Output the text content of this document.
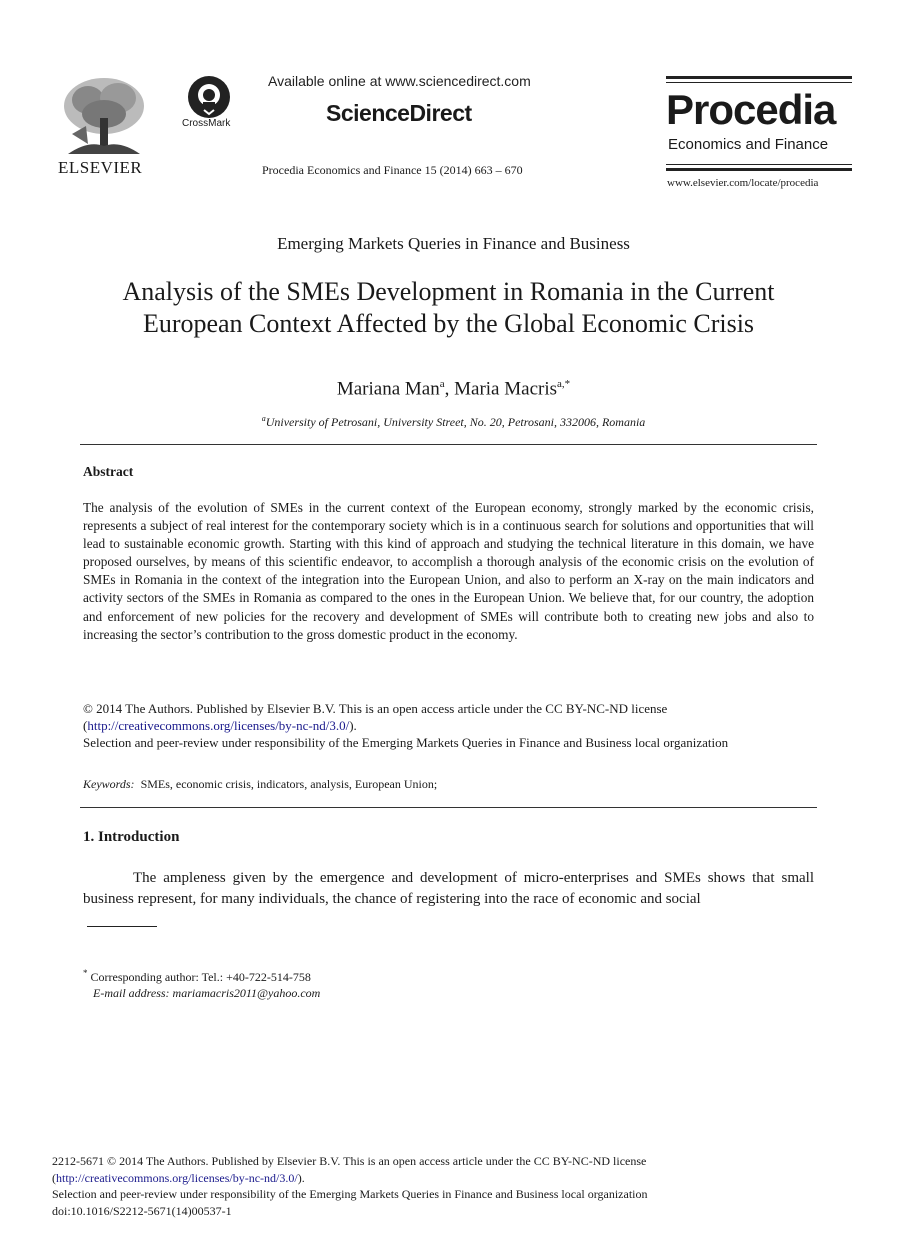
ELSEVIER
CrossMark
Available online at www.sciencedirect.com
ScienceDirect
Procedia Economics and Finance 15 (2014) 663 – 670
Procedia
Economics and Finance
www.elsevier.com/locate/procedia
Emerging Markets Queries in Finance and Business
Analysis of the SMEs Development in Romania in the Current
European Context Affected by the Global Economic Crisis
Mariana Man$^a$, Maria Macris$^{a,*}$
$^a$University of Petrosani, University Street, No. 20, Petrosani, 332006, Romania
Abstract
The analysis of the evolution of SMEs in the current context of the European economy, strongly marked by the economic crisis, represents a subject of real interest for the contemporary society which is in a continuous search for solutions and opportunities that will lead to sustainable economic growth. Starting with this kind of approach and studying the technical literature in this domain, we have proposed ourselves, by means of this scientific endeavor, to accomplish a thorough analysis of the economic crisis on the evolution of SMEs in Romania in the context of the integration into the European Union, and also to perform an X-ray on the main indicators and activity sectors of the SMEs in Romania as compared to the ones in the European Union. We believe that, for our country, the adoption and enforcement of new policies for the recovery and development of SMEs will contribute both to creating new jobs and also to increasing the sector’s contribution to the gross domestic product in the economy.
© 2014 The Authors. Published by Elsevier B.V. This is an open access article under the CC BY-NC-ND license
(http://creativecommons.org/licenses/by-nc-nd/3.0/).
Selection and peer-review under responsibility of the Emerging Markets Queries in Finance and Business local organization
Keywords: SMEs, economic crisis, indicators, analysis, European Union;
1. Introduction
The ampleness given by the emergence and development of micro-enterprises and SMEs shows that small business represent, for many individuals, the chance of registering into the race of economic and social
* Corresponding author: Tel.: +40-722-514-758
E-mail address: mariamacris2011@yahoo.com
2212-5671 © 2014 The Authors. Published by Elsevier B.V. This is an open access article under the CC BY-NC-ND license
(http://creativecommons.org/licenses/by-nc-nd/3.0/).
Selection and peer-review under responsibility of the Emerging Markets Queries in Finance and Business local organization
doi:10.1016/S2212-5671(14)00537-1
